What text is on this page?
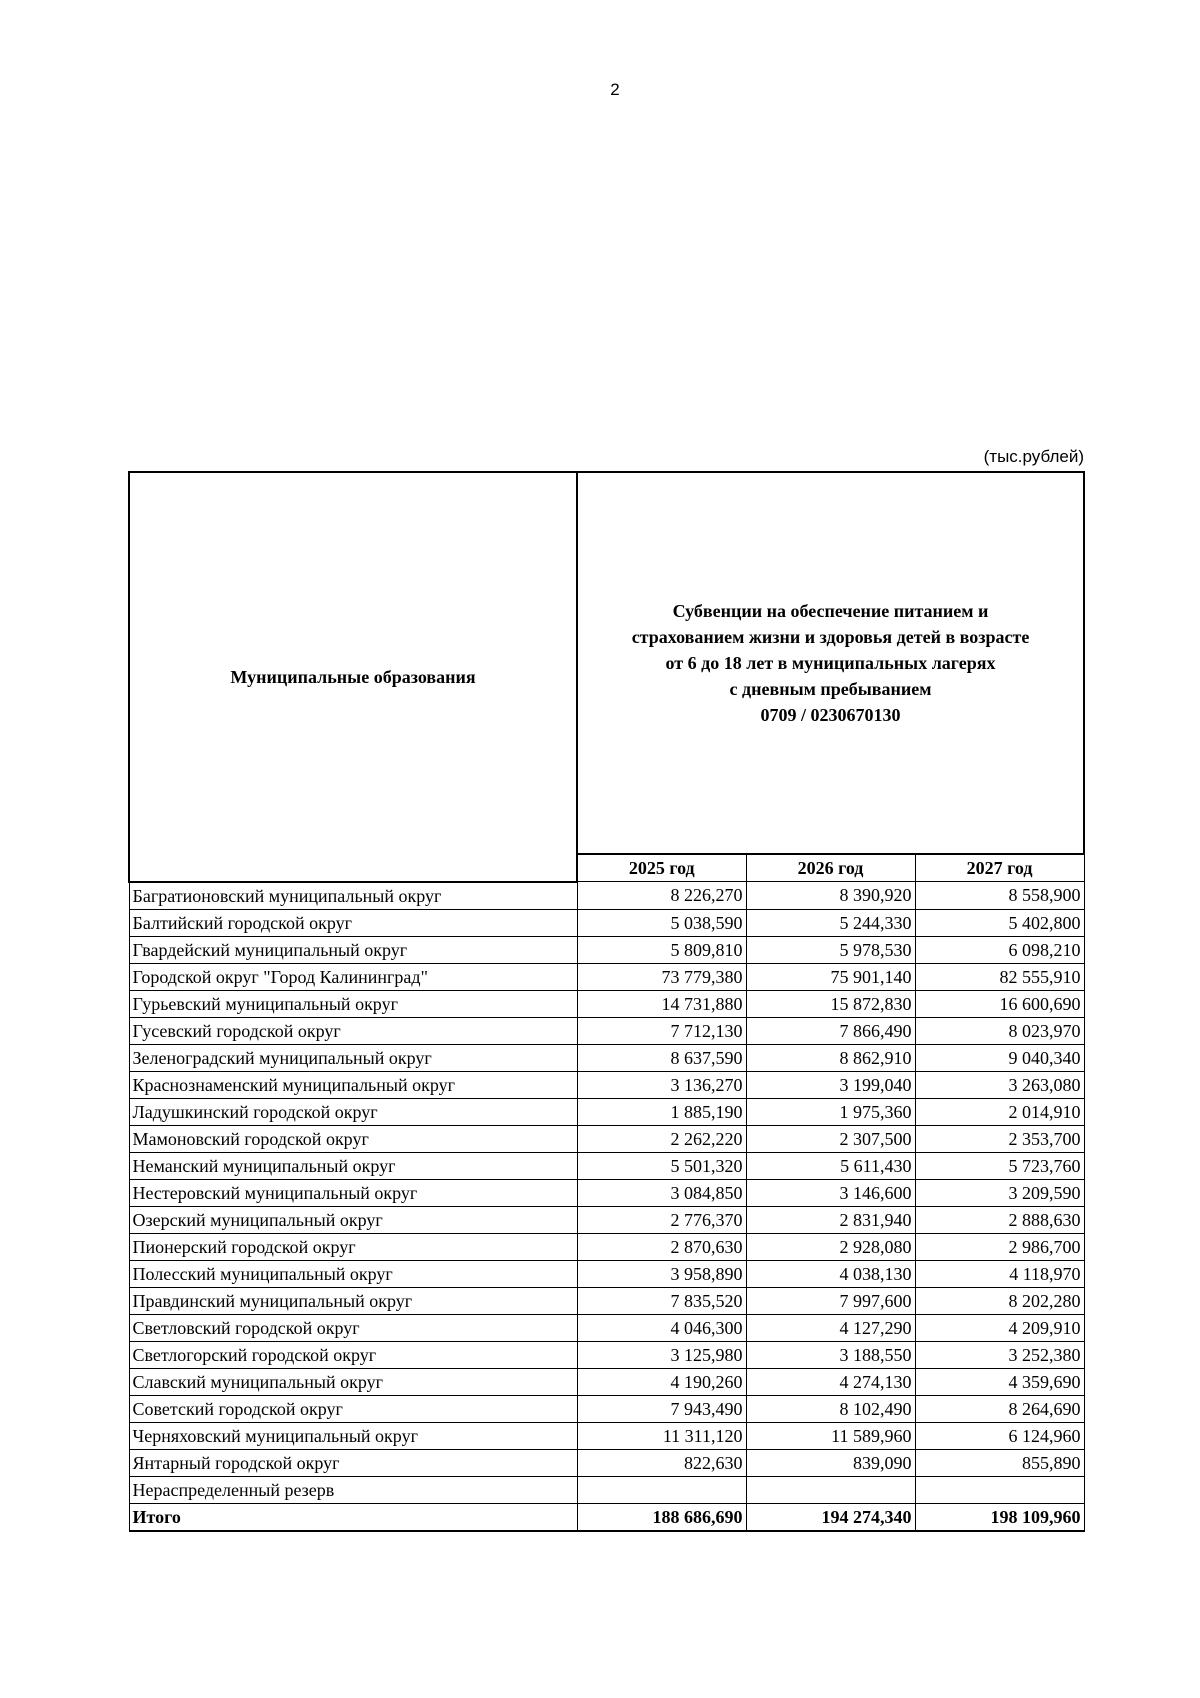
2
(тыс.рублей)
Муниципальные образования	Субвенции на обеспечение питанием и
страхованием жизни и здоровья детей в возрасте
от 6 до 18 лет в муниципальных лагерях
с дневным пребыванием
0709 / 0230670130		

	2025 год	2026 год	2027 год
Багратионовский муниципальный округ	8 226,270	8 390,920	8 558,900
Балтийский городской округ	5 038,590	5 244,330	5 402,800
Гвардейский муниципальный округ	5 809,810	5 978,530	6 098,210
Городской округ "Город Калининград"	73 779,380	75 901,140	82 555,910
Гурьевский муниципальный округ	14 731,880	15 872,830	16 600,690
Гусевский городской округ	7 712,130	7 866,490	8 023,970
Зеленоградский муниципальный округ	8 637,590	8 862,910	9 040,340
Краснознаменский муниципальный округ	3 136,270	3 199,040	3 263,080
Ладушкинский городской округ	1 885,190	1 975,360	2 014,910
Мамоновский городской округ	2 262,220	2 307,500	2 353,700
Неманский муниципальный округ	5 501,320	5 611,430	5 723,760
Нестеровский муниципальный округ	3 084,850	3 146,600	3 209,590
Озерский муниципальный округ	2 776,370	2 831,940	2 888,630
Пионерский городской округ	2 870,630	2 928,080	2 986,700
Полесский муниципальный округ	3 958,890	4 038,130	4 118,970
Правдинский муниципальный округ	7 835,520	7 997,600	8 202,280
Светловский городской округ	4 046,300	4 127,290	4 209,910
Светлогорский городской округ	3 125,980	3 188,550	3 252,380
Славский муниципальный округ	4 190,260	4 274,130	4 359,690
Советский городской округ	7 943,490	8 102,490	8 264,690
Черняховский муниципальный округ	11 311,120	11 589,960	6 124,960
Янтарный городской округ	822,630	839,090	855,890
Нераспределенный резерв			
Итого	188 686,690	194 274,340	198 109,960
